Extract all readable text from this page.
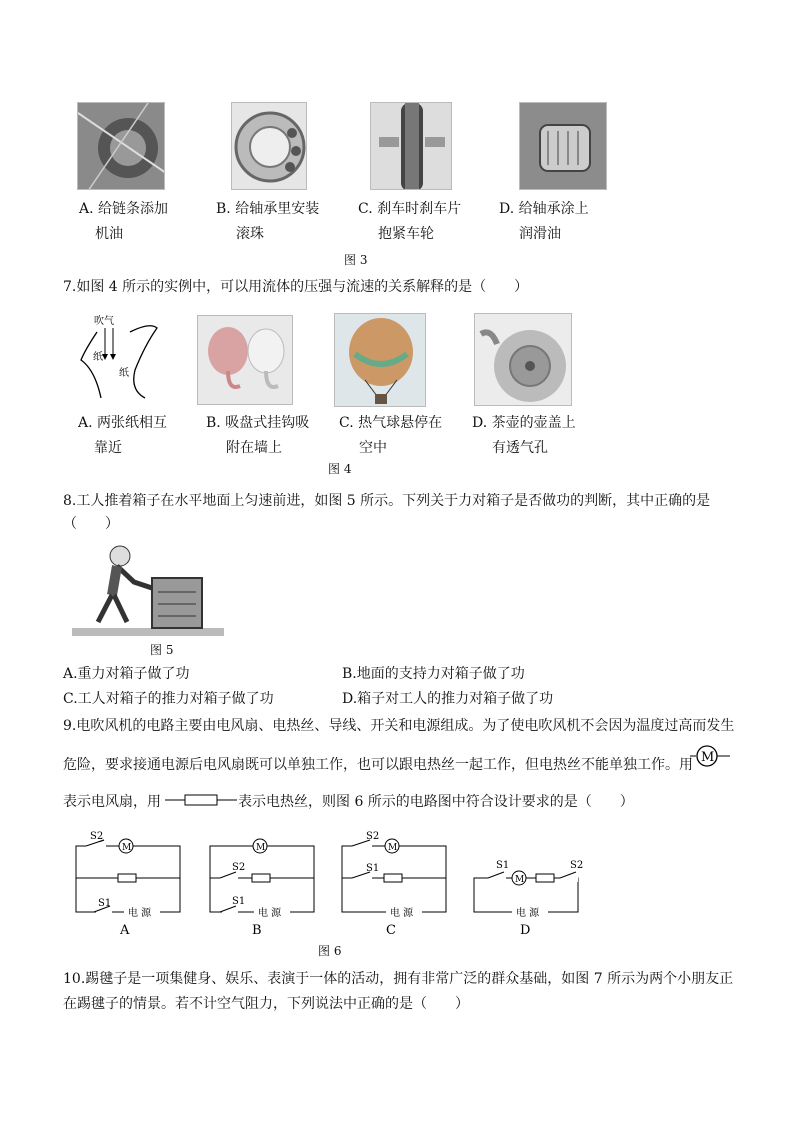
A. 给链条添加
机油
B. 给轴承里安装
滚珠
C. 刹车时刹车片
抱紧车轮
D. 给轴承涂上
润滑油
图 3
7.如图 4 所示的实例中，可以用流体的压强与流速的关系解释的是（　　）
吹气
纸
纸
A. 两张纸相互
靠近
B. 吸盘式挂钩吸
附在墙上
C. 热气球悬停在
空中
D. 茶壶的壶盖上
有透气孔
图 4
8.工人推着箱子在水平地面上匀速前进，如图 5 所示。下列关于力对箱子是否做功的判断，其中正确的是
（　　）
图 5
A.重力对箱子做了功	B.地面的支持力对箱子做了功
C.工人对箱子的推力对箱子做了功	D.箱子对工人的推力对箱子做了功
9.电吹风机的电路主要由电风扇、电热丝、导线、开关和电源组成。为了使电吹风机不会因为温度过高而发生
危险，要求接通电源后电风扇既可以单独工作，也可以跟电热丝一起工作，但电热丝不能单独工作。用 M
表示电风扇，用	表示电热丝，则图 6 所示的电路图中符合设计要求的是（　　）
S2
M
S1
电 源
A
M
S2
S1
电 源
B
S2
M
S1
电 源
C
S1
M
S2
电 源
D
图 6
10.踢毽子是一项集健身、娱乐、表演于一体的活动，拥有非常广泛的群众基础，如图 7 所示为两个小朋友正
在踢毽子的情景。若不计空气阻力，下列说法中正确的是（　　）
